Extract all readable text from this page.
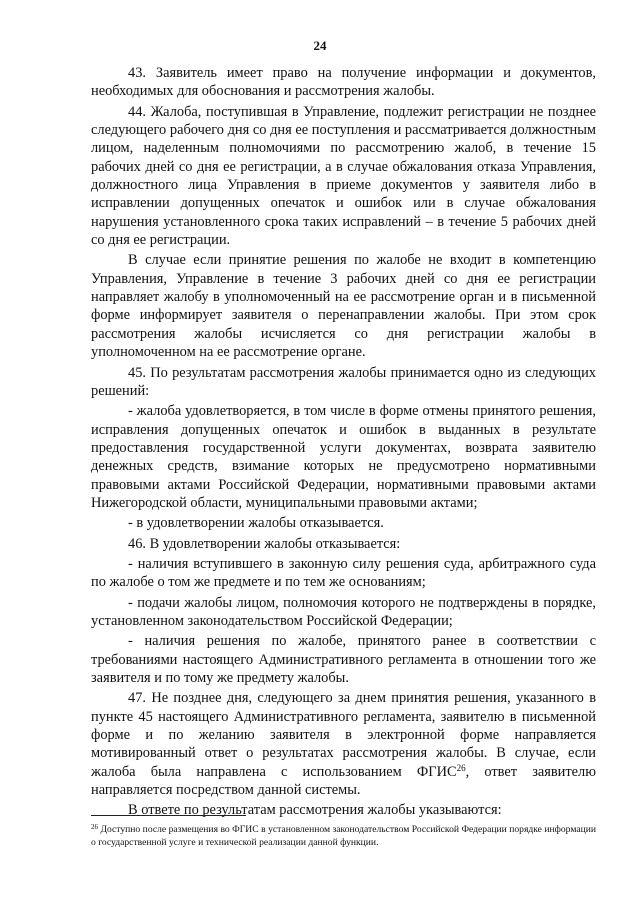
24

43. Заявитель имеет право на получение информации и документов, необходимых для обоснования и рассмотрения жалобы.

44. Жалоба, поступившая в Управление, подлежит регистрации не позднее следующего рабочего дня со дня ее поступления и рассматривается должностным лицом, наделенным полномочиями по рассмотрению жалоб, в течение 15 рабочих дней со дня ее регистрации, а в случае обжалования отказа Управления, должностного лица Управления в приеме документов у заявителя либо в исправлении допущенных опечаток и ошибок или в случае обжалования нарушения установленного срока таких исправлений – в течение 5 рабочих дней со дня ее регистрации.

В случае если принятие решения по жалобе не входит в компетенцию Управления, Управление в течение 3 рабочих дней со дня ее регистрации направляет жалобу в уполномоченный на ее рассмотрение орган и в письменной форме информирует заявителя о перенаправлении жалобы. При этом срок рассмотрения жалобы исчисляется со дня регистрации жалобы в уполномоченном на ее рассмотрение органе.

45. По результатам рассмотрения жалобы принимается одно из следующих решений:

- жалоба удовлетворяется, в том числе в форме отмены принятого решения, исправления допущенных опечаток и ошибок в выданных в результате предоставления государственной услуги документах, возврата заявителю денежных средств, взимание которых не предусмотрено нормативными правовыми актами Российской Федерации, нормативными правовыми актами Нижегородской области, муниципальными правовыми актами;

- в удовлетворении жалобы отказывается.

46. В удовлетворении жалобы отказывается:

- наличия вступившего в законную силу решения суда, арбитражного суда по жалобе о том же предмете и по тем же основаниям;

- подачи жалобы лицом, полномочия которого не подтверждены в порядке, установленном законодательством Российской Федерации;

- наличия решения по жалобе, принятого ранее в соответствии с требованиями настоящего Административного регламента в отношении того же заявителя и по тому же предмету жалобы.

47. Не позднее дня, следующего за днем принятия решения, указанного в пункте 45 настоящего Административного регламента, заявителю в письменной форме и по желанию заявителя в электронной форме направляется мотивированный ответ о результатах рассмотрения жалобы. В случае, если жалоба была направлена с использованием ФГИС$^{26}$, ответ заявителю направляется посредством данной системы.

В ответе по результатам рассмотрения жалобы указываются:

$^{26}$ Доступно после размещения во ФГИС в установленном законодательством Российской Федерации порядке информации о государственной услуге и технической реализации данной функции.
